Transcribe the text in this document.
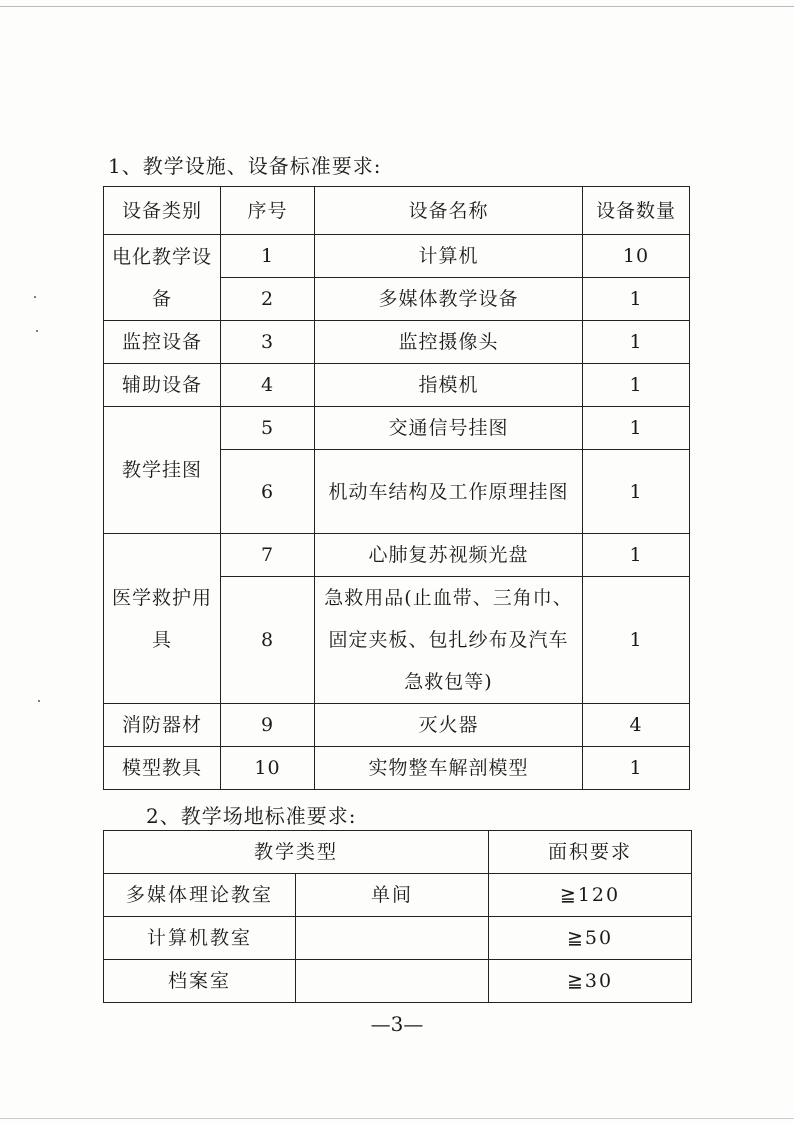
1、教学设施、设备标准要求:
设备类别	序号	设备名称	设备数量
电化教学设备	1	计算机	10
	2	多媒体教学设备	1
监控设备	3	监控摄像头	1
辅助设备	4	指模机	1
教学挂图	5	交通信号挂图	1
	6	机动车结构及工作原理挂图	1
医学救护用具	7	心肺复苏视频光盘	1
	8	急救用品(止血带、三角巾、固定夹板、包扎纱布及汽车急救包等)	1
消防器材	9	灭火器	4
模型教具	10	实物整车解剖模型	1
2、教学场地标准要求:
教学类型		面积要求
多媒体理论教室	单间	≧120
计算机教室		≧50
档案室		≧30
—3—
